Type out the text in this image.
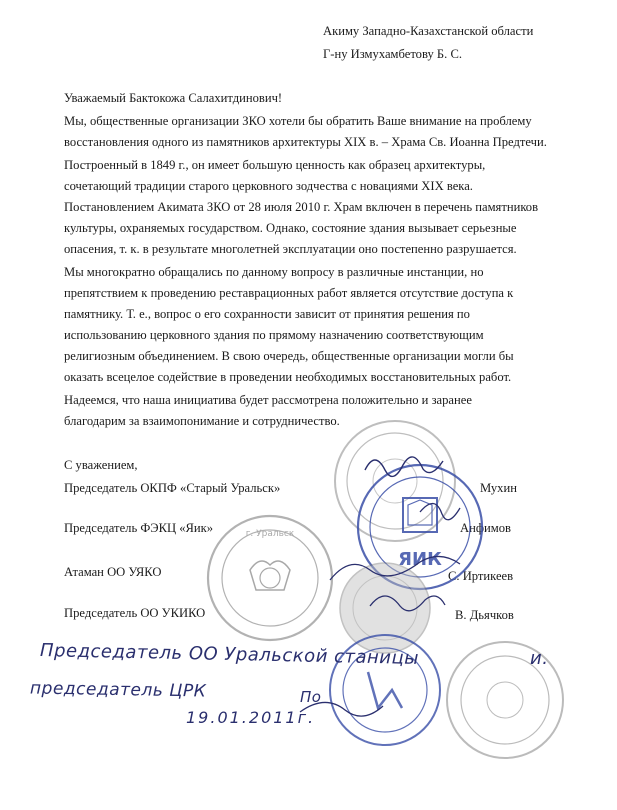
Акиму Западно-Казахстанской области
Г-ну Измухамбетову Б. С.
Уважаемый Бактокожа Салахитдинович!
Мы, общественные организации ЗКО хотели бы обратить Ваше внимание на проблему
восстановления одного из памятников архитектуры XIX в. – Храма Св. Иоанна Предтечи.
Построенный в 1849 г., он имеет большую ценность как образец архитектуры,
сочетающий традиции старого церковного зодчества с новациями XIX века.
Постановлением Акимата ЗКО от 28 июля 2010 г. Храм включен в перечень памятников
культуры, охраняемых государством. Однако, состояние здания вызывает серьезные
опасения, т. к. в результате многолетней эксплуатации оно постепенно разрушается.
Мы многократно обращались по данному вопросу в различные инстанции, но
препятствием к проведению реставрационных работ является отсутствие доступа к
памятнику. Т. е., вопрос о его сохранности зависит от принятия решения по
использованию церковного здания по прямому назначению соответствующим
религиозным объединением. В свою очередь, общественные организации могли бы
оказать всецелое содействие в проведении необходимых восстановительных работ.
Надеемся, что наша инициатива будет рассмотрена положительно и заранее
благодарим за взаимопонимание и сотрудничество.
С уважением,
Председатель ОКПФ «Старый Уральск»	Мухин
Председатель ФЭКЦ «Яик»	Анфимов
Атаман ОО УЯКО	С. Иртикеев
Председатель ОО УКИКО	В. Дьячков
ЯИК
г. Уральск
Председатель ОО Уральской станицы	и.
председатель ЦРК	По
19.01.2011г.
